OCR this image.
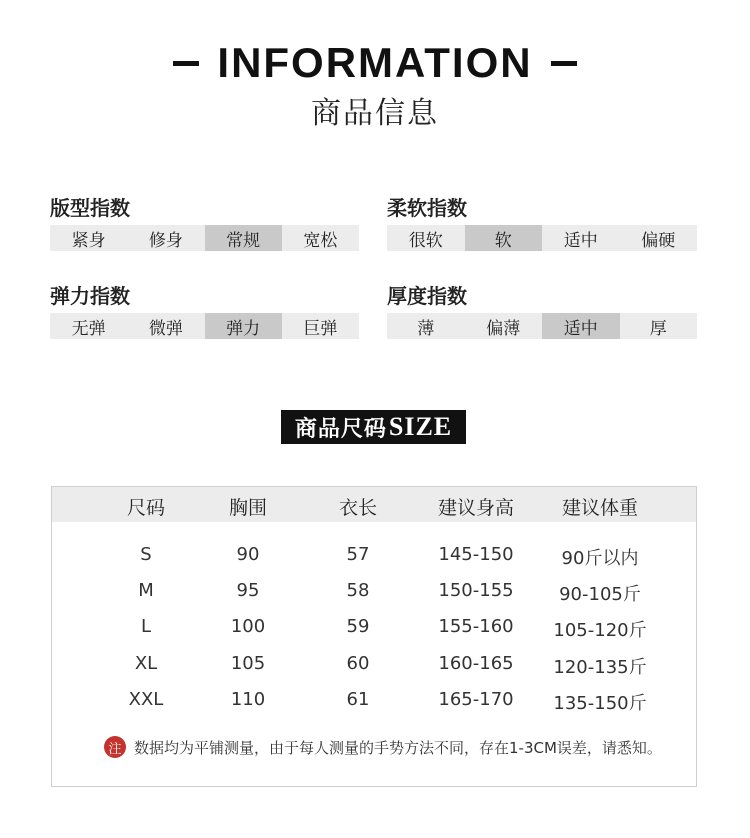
INFORMATION
商品信息
版型指数
紧身	修身	常规	宽松
柔软指数
很软	软	适中	偏硬
弹力指数
无弹	微弹	弹力	巨弹
厚度指数
薄	偏薄	适中	厚
商品尺码 SIZE
尺码	胸围	衣长	建议身高	建议体重
S	90	57	145-150	90斤以内
M	95	58	150-155	90-105斤
L	100	59	155-160	105-120斤
XL	105	60	160-165	120-135斤
XXL	110	61	165-170	135-150斤
注 数据均为平铺测量，由于每人测量的手势方法不同，存在1-3CM误差，请悉知。
